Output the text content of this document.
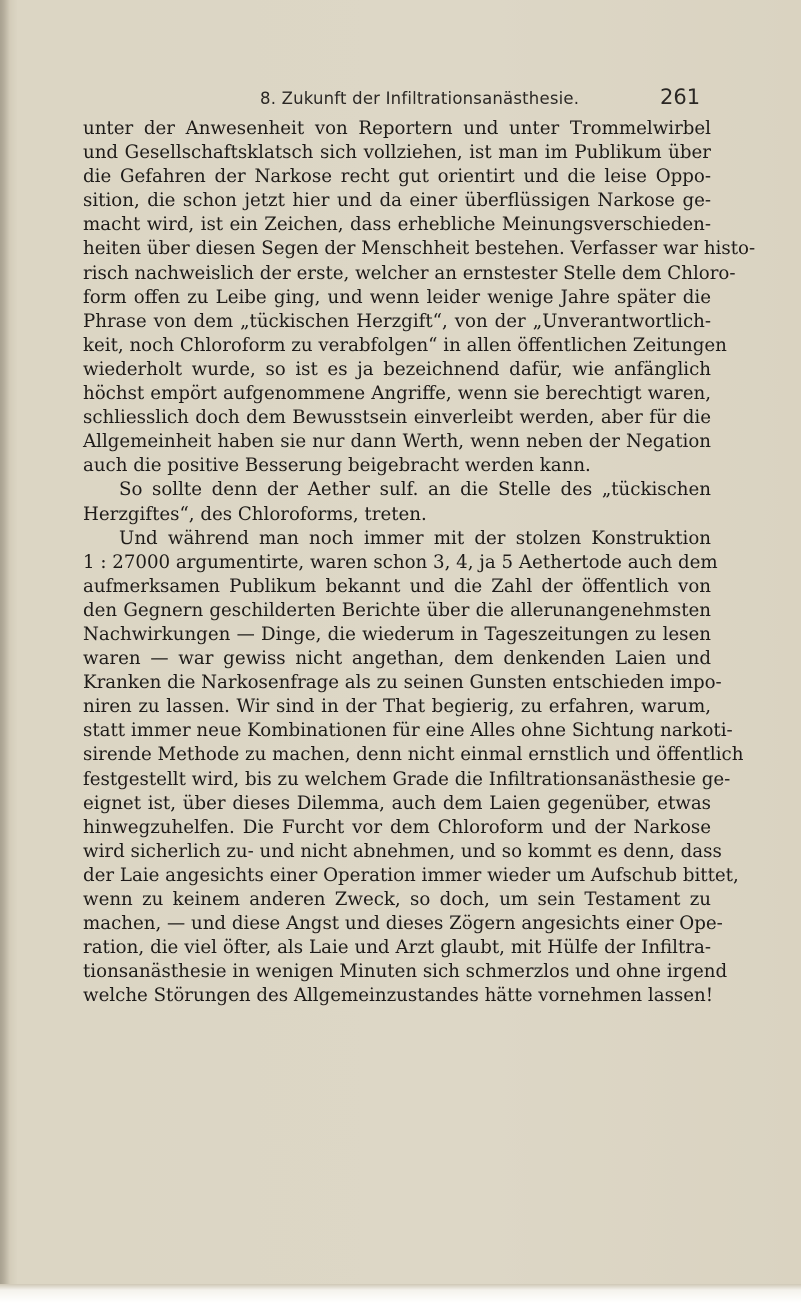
8. Zukunft der Infiltrationsanästhesie.	261
unter der Anwesenheit von Reportern und unter Trommelwirbel
und Gesellschaftsklatsch sich vollziehen, ist man im Publikum über
die Gefahren der Narkose recht gut orientirt und die leise Oppo-
sition, die schon jetzt hier und da einer überflüssigen Narkose ge-
macht wird, ist ein Zeichen, dass erhebliche Meinungsverschieden-
heiten über diesen Segen der Menschheit bestehen. Verfasser war histo-
risch nachweislich der erste, welcher an ernstester Stelle dem Chloro-
form offen zu Leibe ging, und wenn leider wenige Jahre später die
Phrase von dem „tückischen Herzgift“, von der „Unverantwortlich-
keit, noch Chloroform zu verabfolgen“ in allen öffentlichen Zeitungen
wiederholt wurde, so ist es ja bezeichnend dafür, wie anfänglich
höchst empört aufgenommene Angriffe, wenn sie berechtigt waren,
schliesslich doch dem Bewusstsein einverleibt werden, aber für die
Allgemeinheit haben sie nur dann Werth, wenn neben der Negation
auch die positive Besserung beigebracht werden kann.
So sollte denn der Aether sulf. an die Stelle des „tückischen
Herzgiftes“, des Chloroforms, treten.
Und während man noch immer mit der stolzen Konstruktion
1 : 27000 argumentirte, waren schon 3, 4, ja 5 Aethertode auch dem
aufmerksamen Publikum bekannt und die Zahl der öffentlich von
den Gegnern geschilderten Berichte über die allerunangenehmsten
Nachwirkungen — Dinge, die wiederum in Tageszeitungen zu lesen
waren — war gewiss nicht angethan, dem denkenden Laien und
Kranken die Narkosenfrage als zu seinen Gunsten entschieden impo-
niren zu lassen. Wir sind in der That begierig, zu erfahren, warum,
statt immer neue Kombinationen für eine Alles ohne Sichtung narkoti-
sirende Methode zu machen, denn nicht einmal ernstlich und öffentlich
festgestellt wird, bis zu welchem Grade die Infiltrationsanästhesie ge-
eignet ist, über dieses Dilemma, auch dem Laien gegenüber, etwas
hinwegzuhelfen. Die Furcht vor dem Chloroform und der Narkose
wird sicherlich zu- und nicht abnehmen, und so kommt es denn, dass
der Laie angesichts einer Operation immer wieder um Aufschub bittet,
wenn zu keinem anderen Zweck, so doch, um sein Testament zu
machen, — und diese Angst und dieses Zögern angesichts einer Ope-
ration, die viel öfter, als Laie und Arzt glaubt, mit Hülfe der Infiltra-
tionsanästhesie in wenigen Minuten sich schmerzlos und ohne irgend
welche Störungen des Allgemeinzustandes hätte vornehmen lassen!
